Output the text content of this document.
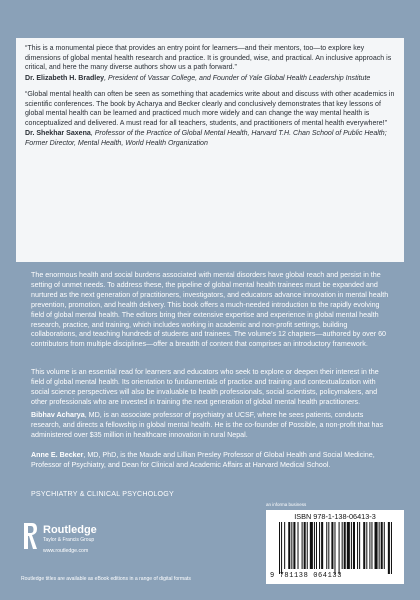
“This is a monumental piece that provides an entry point for learners—and their mentors, too—to explore key dimensions of global mental health research and practice. It is grounded, wise, and practical. An inclusive approach is critical, and here the many diverse authors show us a path forward.”

Dr. Elizabeth H. Bradley, President of Vassar College, and Founder of Yale Global Health Leadership Institute

“Global mental health can often be seen as something that academics write about and discuss with other academics in scientific conferences. The book by Acharya and Becker clearly and conclusively demonstrates that key lessons of global mental health can be learned and practiced much more widely and can change the way mental health is conceptualized and delivered. A must read for all teachers, students, and practitioners of mental health everywhere!”

Dr. Shekhar Saxena, Professor of the Practice of Global Mental Health, Harvard T.H. Chan School of Public Health; Former Director, Mental Health, World Health Organization

The enormous health and social burdens associated with mental disorders have global reach and persist in the setting of unmet needs. To address these, the pipeline of global mental health trainees must be expanded and nurtured as the next generation of practitioners, investigators, and educators advance innovation in mental health prevention, promotion, and health delivery. This book offers a much-needed introduction to the rapidly evolving field of global mental health. The editors bring their extensive expertise and experience in global mental health research, practice, and training, which includes working in academic and non-profit settings, building collaborations, and teaching hundreds of students and trainees. The volume’s 12 chapters—authored by over 60 contributors from multiple disciplines—offer a breadth of content that comprises an introductory framework.

This volume is an essential read for learners and educators who seek to explore or deepen their interest in the field of global mental health. Its orientation to fundamentals of practice and training and contextualization with social science perspectives will also be invaluable to health professionals, social scientists, policymakers, and other professionals who are invested in training the next generation of global mental health practitioners.

Bibhav Acharya, MD, is an associate professor of psychiatry at UCSF, where he sees patients, conducts research, and directs a fellowship in global mental health. He is the co-founder of Possible, a non-profit that has administered over $35 million in healthcare innovation in rural Nepal.

Anne E. Becker, MD, PhD, is the Maude and Lillian Presley Professor of Global Health and Social Medicine, Professor of Psychiatry, and Dean for Clinical and Academic Affairs at Harvard Medical School.

PSYCHIATRY & CLINICAL PSYCHOLOGY
Routledge
Taylor & Francis Group
www.routledge.com
Routledge titles are available as eBook editions in a range of digital formats
an informa business
ISBN 978-1-138-06413-3
9 781138 064133
